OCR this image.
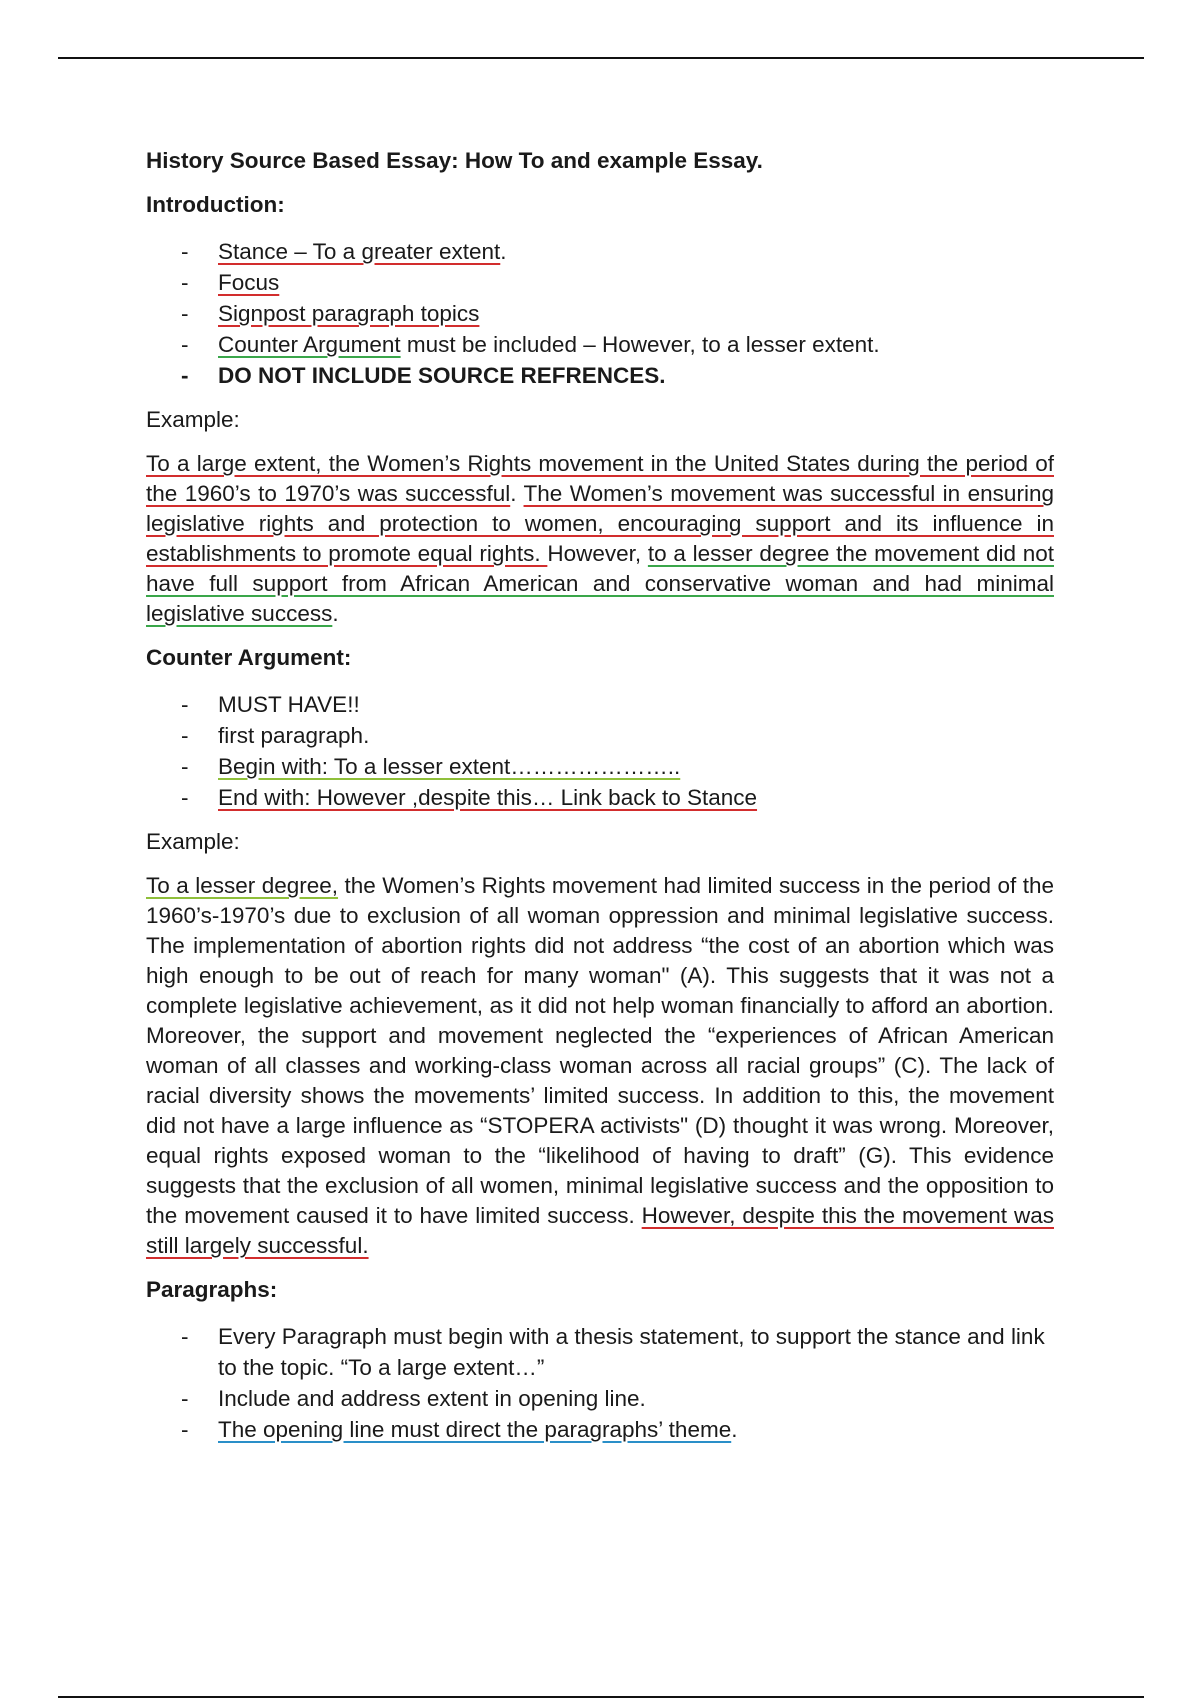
History Source Based Essay: How To and example Essay.
Introduction:
- Stance – To a greater extent.
- Focus
- Signpost paragraph topics
- Counter Argument must be included – However, to a lesser extent.
- DO NOT INCLUDE SOURCE REFRENCES.

Example:

To a large extent, the Women’s Rights movement in the United States during the period of the 1960’s to 1970’s was successful. The Women’s movement was successful in ensuring legislative rights and protection to women, encouraging support and its influence in establishments to promote equal rights. However, to a lesser degree the movement did not have full support from African American and conservative woman and had minimal legislative success.

Counter Argument:
- MUST HAVE!!
- first paragraph.
- Begin with: To a lesser extent…………………..
- End with: However ,despite this… Link back to Stance

Example:

To a lesser degree, the Women’s Rights movement had limited success in the period of the 1960’s-1970’s due to exclusion of all woman oppression and minimal legislative success. The implementation of abortion rights did not address “the cost of an abortion which was high enough to be out of reach for many woman" (A). This suggests that it was not a complete legislative achievement, as it did not help woman financially to afford an abortion. Moreover, the support and movement neglected the “experiences of African American woman of all classes and working-class woman across all racial groups” (C). The lack of racial diversity shows the movements’ limited success. In addition to this, the movement did not have a large influence as “STOPERA activists" (D) thought it was wrong. Moreover, equal rights exposed woman to the “likelihood of having to draft” (G). This evidence suggests that the exclusion of all women, minimal legislative success and the opposition to the movement caused it to have limited success. However, despite this the movement was still largely successful.

Paragraphs:
- Every Paragraph must begin with a thesis statement, to support the stance and link to the topic. “To a large extent…”
- Include and address extent in opening line.
- The opening line must direct the paragraphs’ theme.
